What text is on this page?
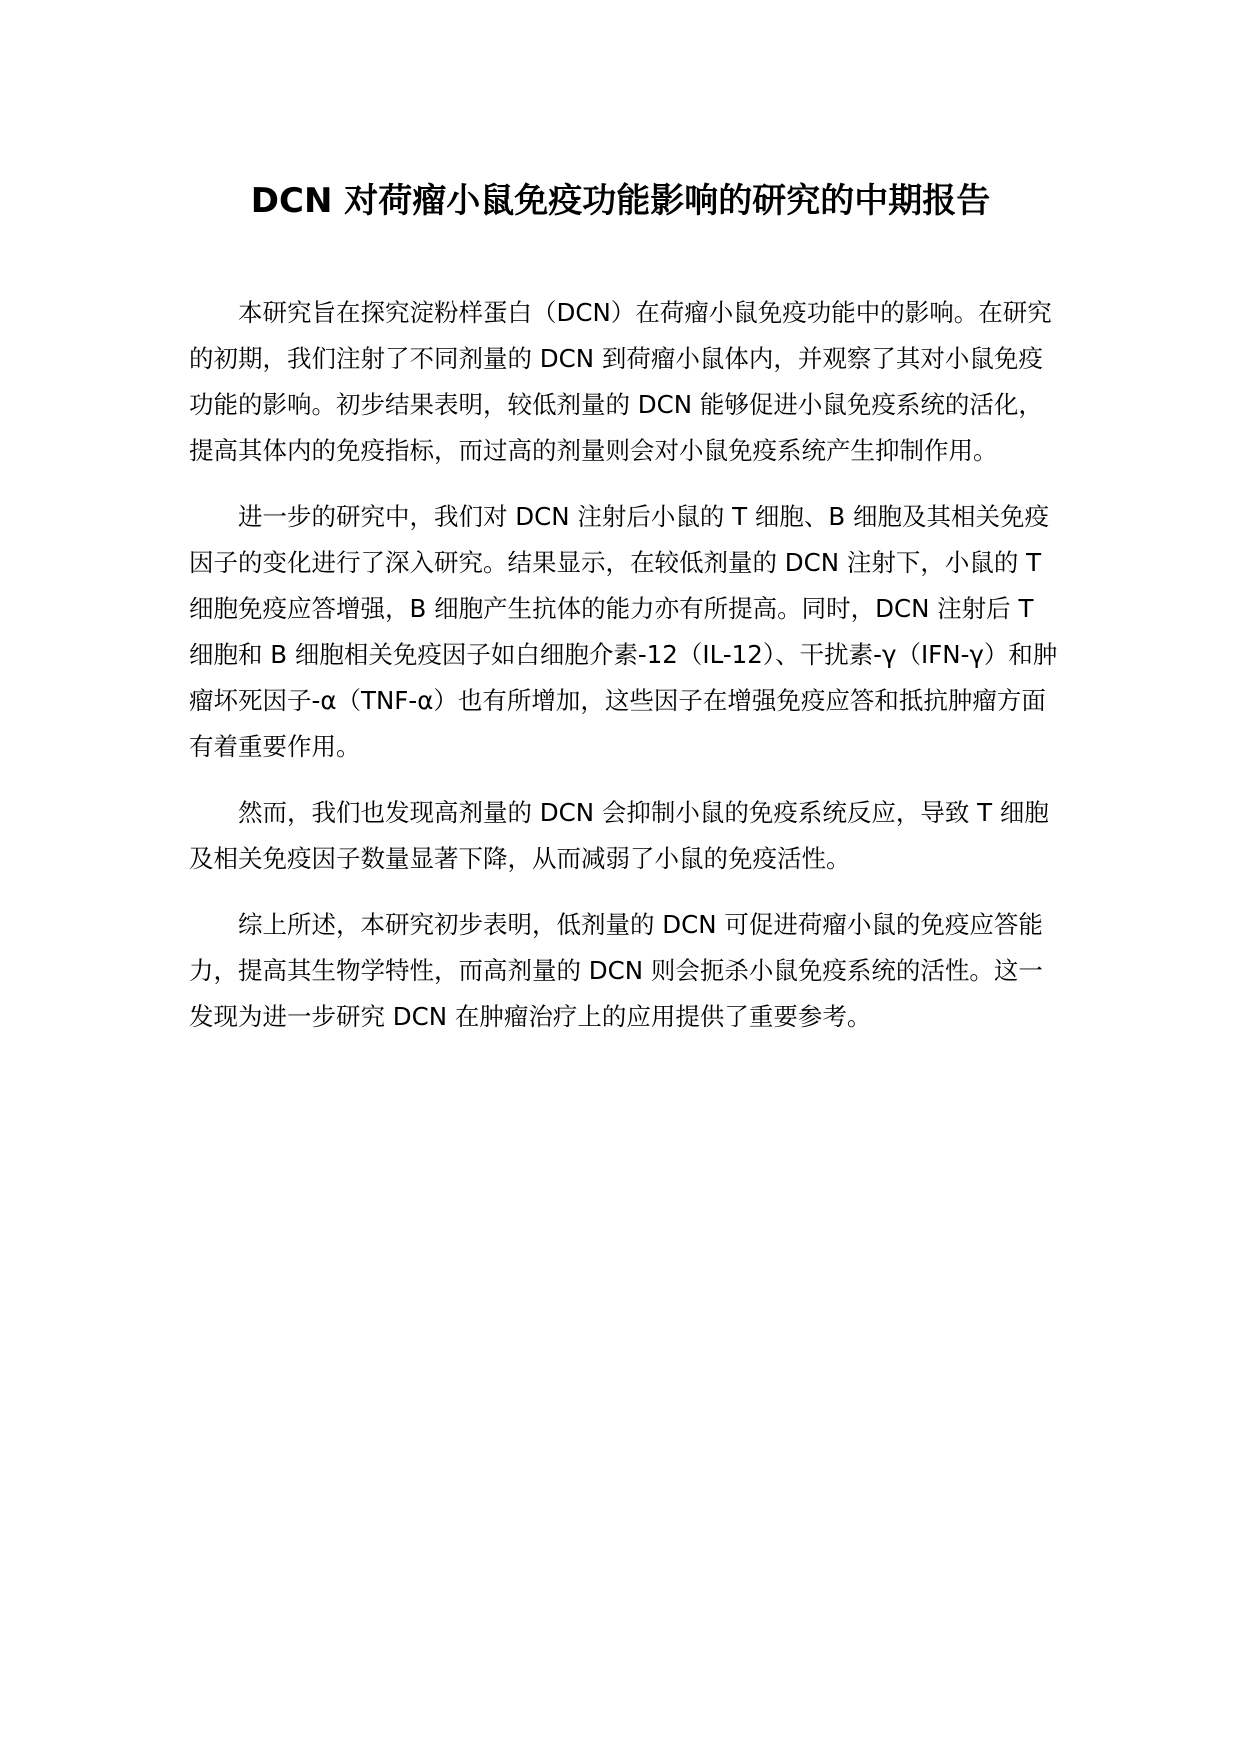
DCN 对荷瘤小鼠免疫功能影响的研究的中期报告

本研究旨在探究淀粉样蛋白（DCN）在荷瘤小鼠免疫功能中的影响。在研究的初期，我们注射了不同剂量的 DCN 到荷瘤小鼠体内，并观察了其对小鼠免疫功能的影响。初步结果表明，较低剂量的 DCN 能够促进小鼠免疫系统的活化，提高其体内的免疫指标，而过高的剂量则会对小鼠免疫系统产生抑制作用。

进一步的研究中，我们对 DCN 注射后小鼠的 T 细胞、B 细胞及其相关免疫因子的变化进行了深入研究。结果显示，在较低剂量的 DCN 注射下，小鼠的 T 细胞免疫应答增强，B 细胞产生抗体的能力亦有所提高。同时，DCN 注射后 T 细胞和 B 细胞相关免疫因子如白细胞介素-12（IL-12）、干扰素-γ（IFN-γ）和肿瘤坏死因子-α（TNF-α）也有所增加，这些因子在增强免疫应答和抵抗肿瘤方面有着重要作用。

然而，我们也发现高剂量的 DCN 会抑制小鼠的免疫系统反应，导致 T 细胞及相关免疫因子数量显著下降，从而减弱了小鼠的免疫活性。

综上所述，本研究初步表明，低剂量的 DCN 可促进荷瘤小鼠的免疫应答能力，提高其生物学特性，而高剂量的 DCN 则会扼杀小鼠免疫系统的活性。这一发现为进一步研究 DCN 在肿瘤治疗上的应用提供了重要参考。
